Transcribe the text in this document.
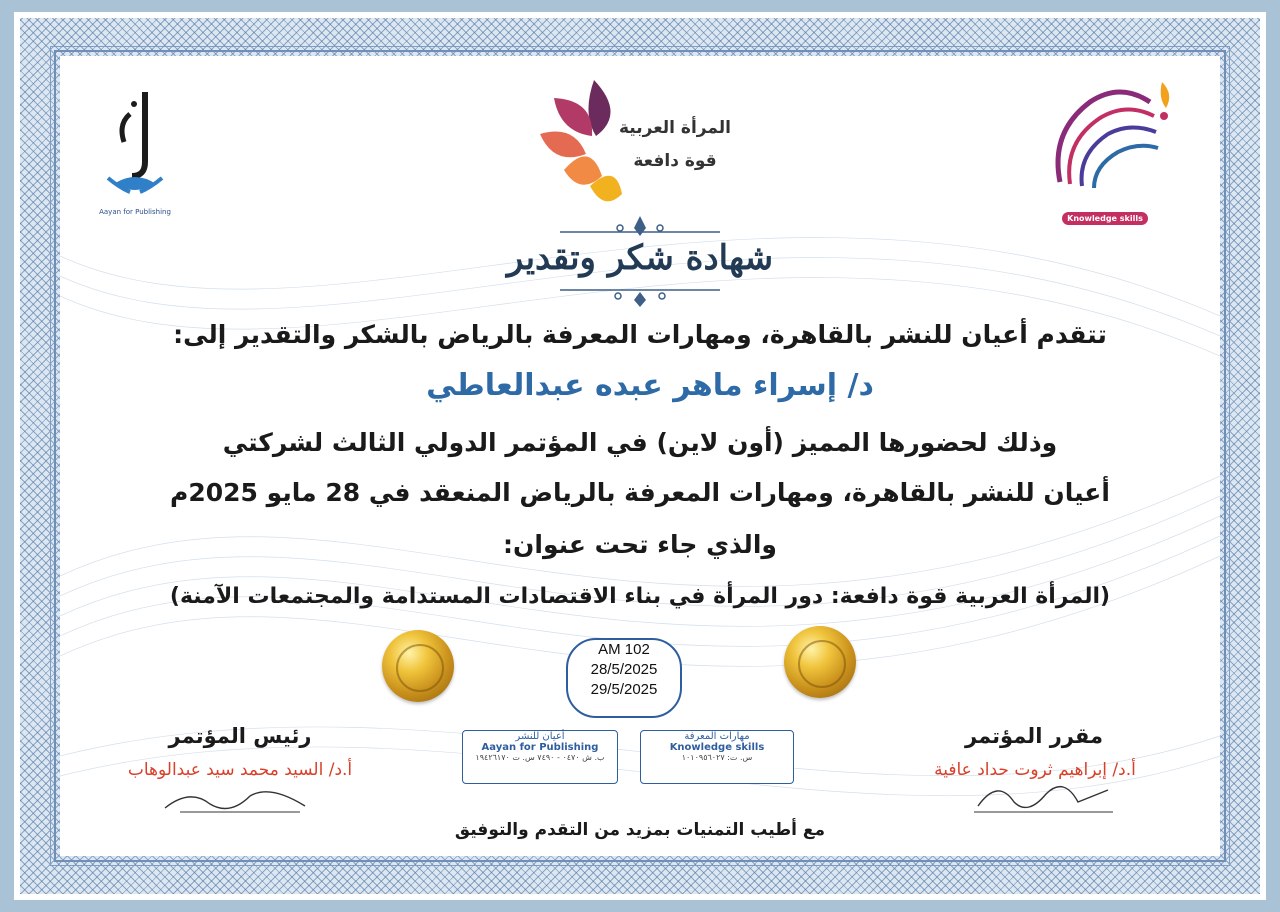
Aayan for Publishing
المرأة العربية
قوة دافعة
Knowledge skills
شهادة شكر وتقدير
تتقدم أعيان للنشر بالقاهرة، ومهارات المعرفة بالرياض بالشكر والتقدير إلى:
د/ إسراء ماهر عبده عبدالعاطي
وذلك لحضورها المميز (أون لاين) في المؤتمر الدولي الثالث لشركتي
أعيان للنشر بالقاهرة، ومهارات المعرفة بالرياض المنعقد في 28 مايو 2025م
والذي جاء تحت عنوان:
(المرأة العربية قوة دافعة: دور المرأة في بناء الاقتصادات المستدامة والمجتمعات الآمنة)
AM 102
28/5/2025
29/5/2025
رئيس المؤتمر
أ.د/ السيد محمد سيد عبدالوهاب
مقرر المؤتمر
أ.د/ إبراهيم ثروت حداد عافية
أعيان للنشر
Aayan for Publishing
ب. ش ٠٤٧٠ - ٧٤٩٠ س. ت ١٩٤٢٦١٧٠
مهارات المعرفة
Knowledge skills
س. ت: ١٠١٠٩٥٦٠٢٧
مع أطيب التمنيات بمزيد من التقدم والتوفيق
